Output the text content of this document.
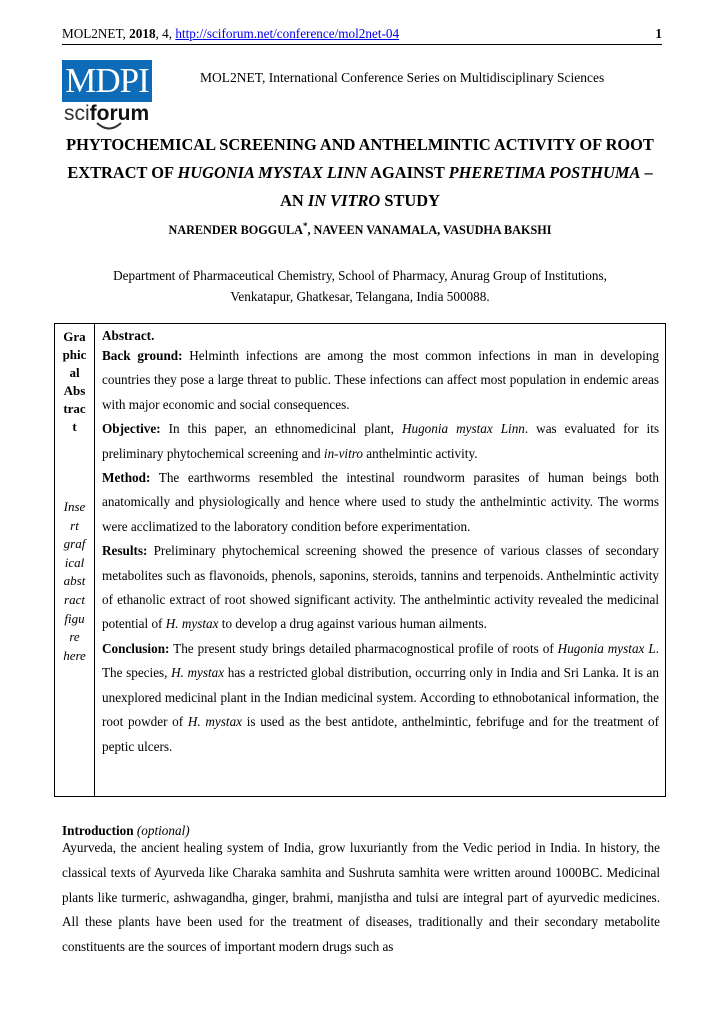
MOL2NET, 2018, 4, http://sciforum.net/conference/mol2net-04	1
MDPI
sciforum
MOL2NET, International Conference Series on Multidisciplinary Sciences
PHYTOCHEMICAL SCREENING AND ANTHELMINTIC ACTIVITY OF ROOT EXTRACT OF HUGONIA MYSTAX LINN AGAINST PHERETIMA POSTHUMA – AN IN VITRO STUDY
NARENDER BOGGULA*, NAVEEN VANAMALA, VASUDHA BAKSHI
Department of Pharmaceutical Chemistry, School of Pharmacy, Anurag Group of Institutions,
Venkatapur, Ghatkesar, Telangana, India 500088.
Gra
phic
al
Abs
trac
t
Inse
rt
graf
ical
abst
ract
figu
re
here

Abstract.

Back ground: Helminth infections are among the most common infections in man in developing countries they pose a large threat to public. These infections can affect most population in endemic areas with major economic and social consequences.

Objective: In this paper, an ethnomedicinal plant, Hugonia mystax Linn. was evaluated for its preliminary phytochemical screening and in-vitro anthelmintic activity.

Method: The earthworms resembled the intestinal roundworm parasites of human beings both anatomically and physiologically and hence where used to study the anthelmintic activity. The worms were acclimatized to the laboratory condition before experimentation.

Results: Preliminary phytochemical screening showed the presence of various classes of secondary metabolites such as flavonoids, phenols, saponins, steroids, tannins and terpenoids. Anthelmintic activity of ethanolic extract of root showed significant activity. The anthelmintic activity revealed the medicinal potential of H. mystax to develop a drug against various human ailments.

Conclusion: The present study brings detailed pharmacognostical profile of roots of Hugonia mystax L. The species, H. mystax has a restricted global distribution, occurring only in India and Sri Lanka. It is an unexplored medicinal plant in the Indian medicinal system. According to ethnobotanical information, the root powder of H. mystax is used as the best antidote, anthelmintic, febrifuge and for the treatment of peptic ulcers.

Introduction (optional)
Ayurveda, the ancient healing system of India, grow luxuriantly from the Vedic period in India. In history, the classical texts of Ayurveda like Charaka samhita and Sushruta samhita were written around 1000BC. Medicinal plants like turmeric, ashwagandha, ginger, brahmi, manjistha and tulsi are integral part of ayurvedic medicines. All these plants have been used for the treatment of diseases, traditionally and their secondary metabolite constituents are the sources of important modern drugs such as
